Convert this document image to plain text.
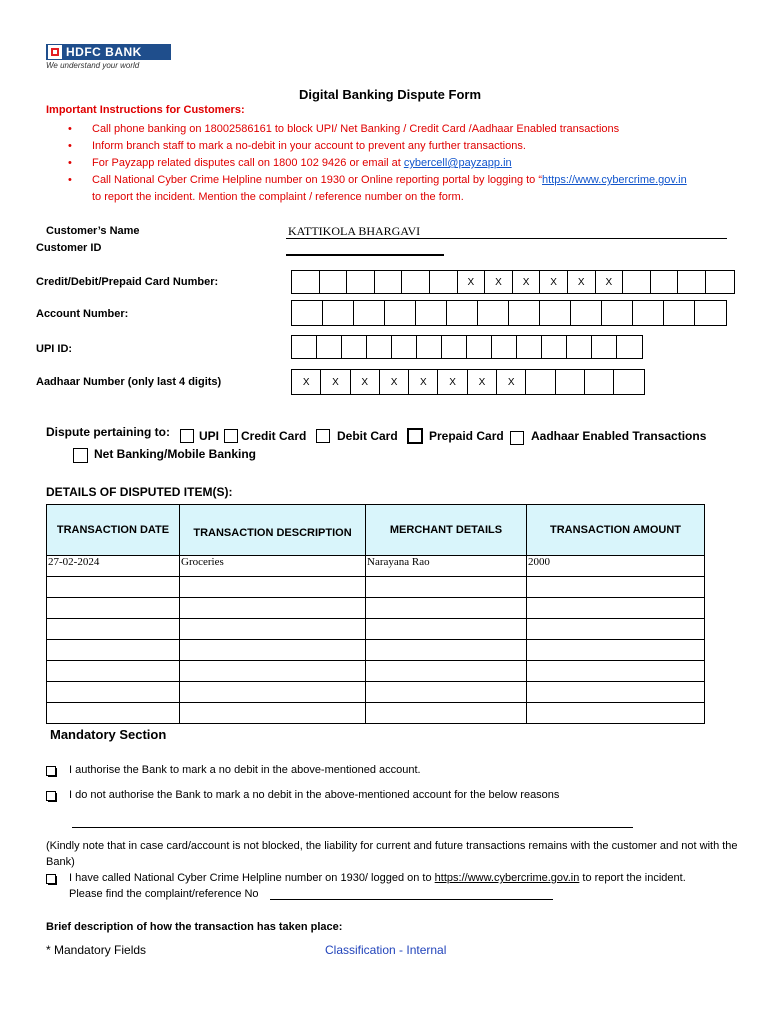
HDFC BANK
We understand your world
Digital Banking Dispute Form
Important Instructions for Customers:
• Call phone banking on 18002586161 to block UPI/ Net Banking / Credit Card /Aadhaar Enabled transactions
• Inform branch staff to mark a no-debit in your account to prevent any further transactions.
• For Payzapp related disputes call on 1800 102 9426 or email at cybercell@payzapp.in
• Call National Cyber Crime Helpline number on 1930 or Online reporting portal by logging to “https://www.cybercrime.gov.in
to report the incident. Mention the complaint / reference number on the form.
Customer’s Name	KATTIKOLA BHARGAVI
Customer ID
Credit/Debit/Prepaid Card Number:	X	X	X	X	X	X
Account Number:
UPI ID:
Aadhaar Number (only last 4 digits)	X	X	X	X	X	X	X	X
Dispute pertaining to: UPI Credit Card	Debit Card	Prepaid Card Aadhaar Enabled Transactions
Net Banking/Mobile Banking
DETAILS OF DISPUTED ITEM(S):
TRANSACTION DATE	TRANSACTION DESCRIPTION	MERCHANT DETAILS	TRANSACTION AMOUNT
27-02-2024	Groceries	Narayana Rao	2000

Mandatory Section
I authorise the Bank to mark a no debit in the above-mentioned account.
I do not authorise the Bank to mark a no debit in the above-mentioned account for the below reasons
(Kindly note that in case card/account is not blocked, the liability for current and future transactions remains with the customer and not with the Bank)
I have called National Cyber Crime Helpline number on 1930/ logged on to https://www.cybercrime.gov.in to report the incident.
Please find the complaint/reference No
Brief description of how the transaction has taken place:
* Mandatory Fields	Classification - Internal
